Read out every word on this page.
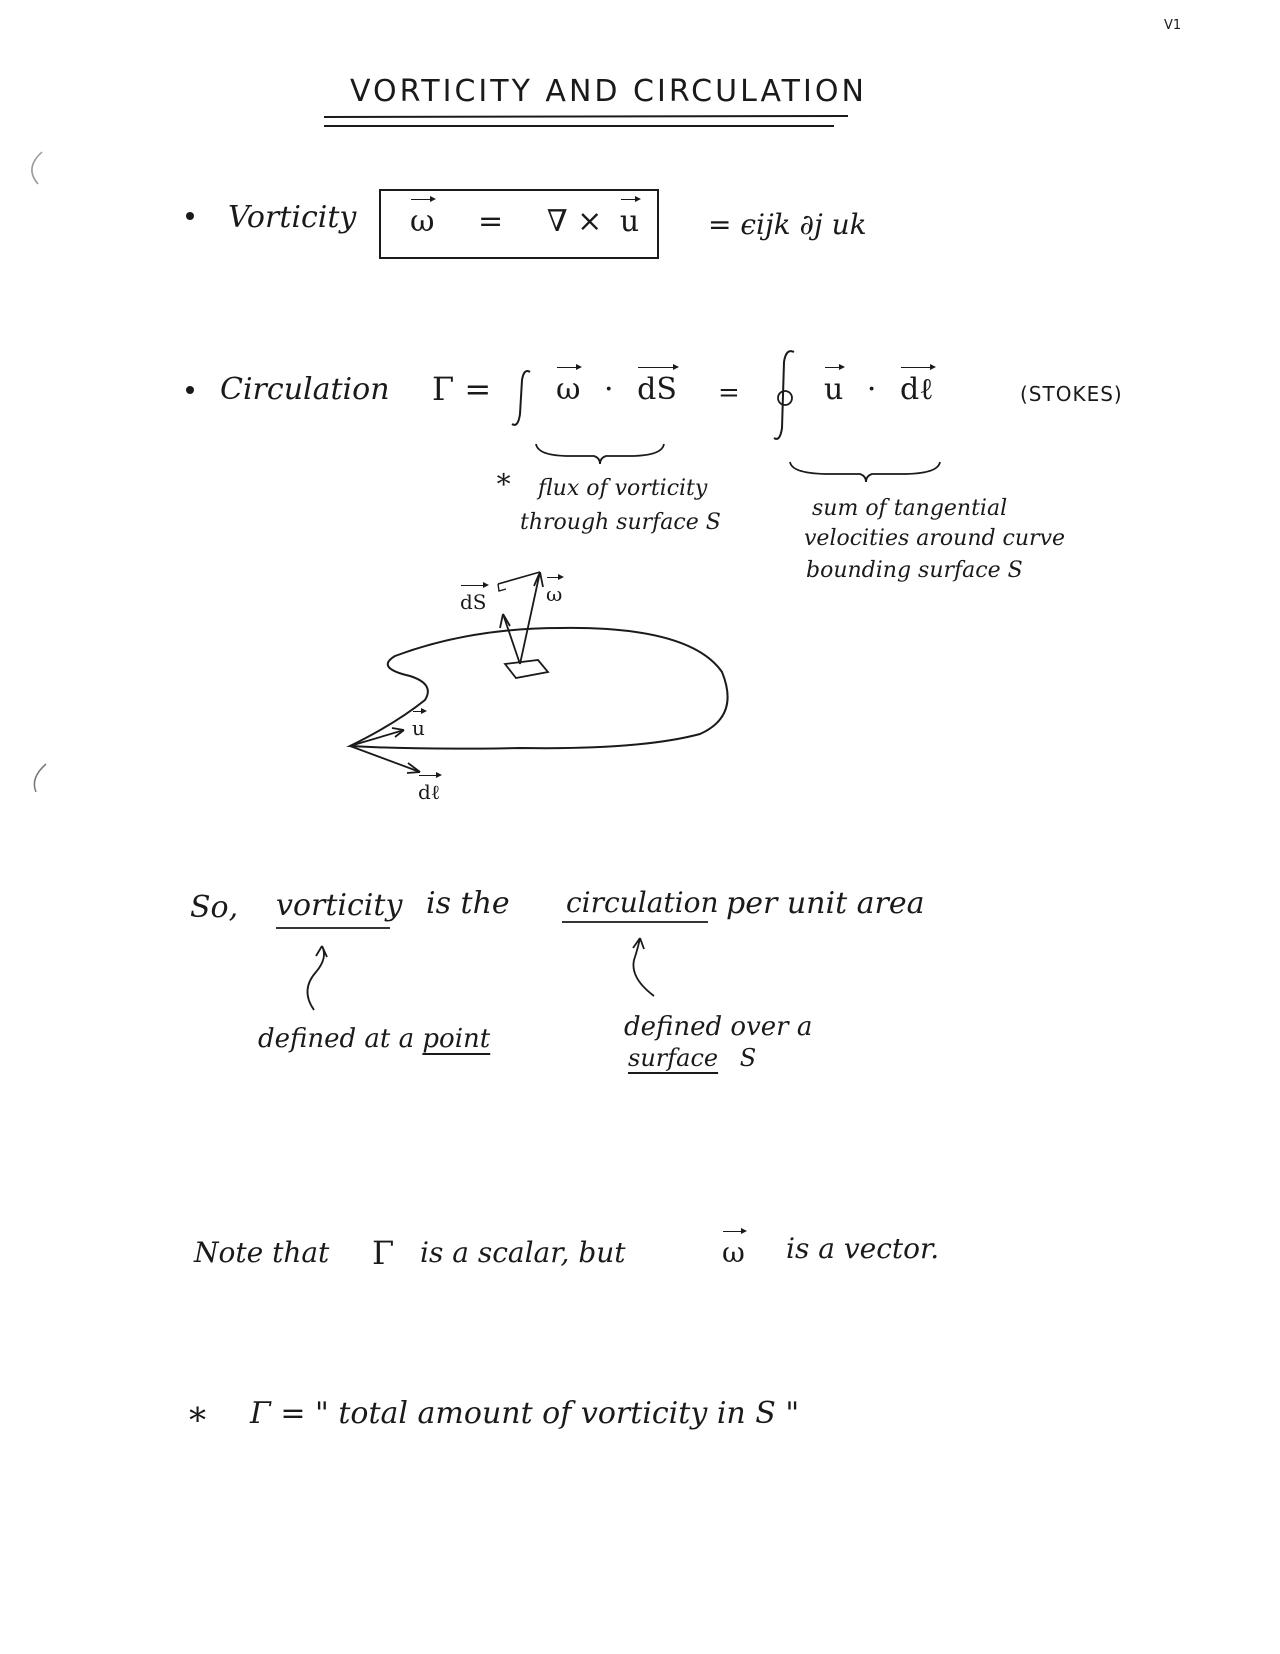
V1
VORTICITY AND CIRCULATION
Vorticity ω = ∇ × u = ϵijk ∂j uk
Circulation Γ = ω · dS =	u · dℓ	(STOKES)
∗ flux of vorticity
through surface S
sum of tangential
velocities around curve
bounding surface S
dS	ω
u
dℓ
So, vorticity is the circulation per unit area
defined at a point	defined over a
surface S
Note that Γ is a scalar, but	ω is a vector.
∗ Γ = " total amount of vorticity in S "
